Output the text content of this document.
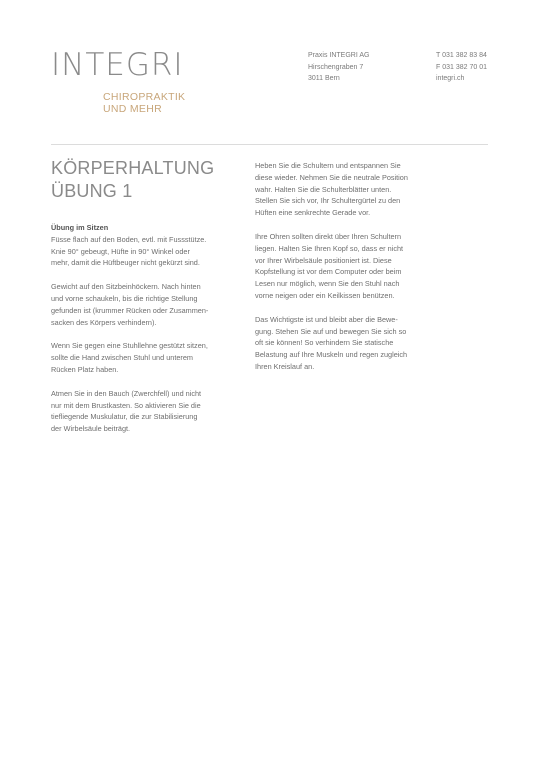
INTEGRI
CHIROPRAKTIK
UND MEHR
Praxis INTEGRI AG
Hirschengraben 7
3011 Bern
T 031 382 83 84
F 031 382 70 01
integri.ch
KÖRPERHALTUNG
ÜBUNG 1
Übung im Sitzen

Füsse flach auf den Boden, evtl. mit Fussstütze.
Knie 90° gebeugt, Hüfte in 90° Winkel oder
mehr, damit die Hüftbeuger nicht gekürzt sind.

Gewicht auf den Sitzbeinhöckern. Nach hinten
und vorne schaukeln, bis die richtige Stellung
gefunden ist (krummer Rücken oder Zusammen-
sacken des Körpers verhindern).

Wenn Sie gegen eine Stuhllehne gestützt sitzen,
sollte die Hand zwischen Stuhl und unterem
Rücken Platz haben.

Atmen Sie in den Bauch (Zwerchfell) und nicht
nur mit dem Brustkasten. So aktivieren Sie die
tiefliegende Muskulatur, die zur Stabilisierung
der Wirbelsäule beiträgt.

Heben Sie die Schultern und entspannen Sie
diese wieder. Nehmen Sie die neutrale Position
wahr. Halten Sie die Schulterblätter unten.
Stellen Sie sich vor, Ihr Schultergürtel zu den
Hüften eine senkrechte Gerade vor.

Ihre Ohren sollten direkt über Ihren Schultern
liegen. Halten Sie Ihren Kopf so, dass er nicht
vor Ihrer Wirbelsäule positioniert ist. Diese
Kopfstellung ist vor dem Computer oder beim
Lesen nur möglich, wenn Sie den Stuhl nach
vorne neigen oder ein Keilkissen benützen.

Das Wichtigste ist und bleibt aber die Bewe-
gung. Stehen Sie auf und bewegen Sie sich so
oft sie können! So verhindern Sie statische
Belastung auf Ihre Muskeln und regen zugleich
Ihren Kreislauf an.
